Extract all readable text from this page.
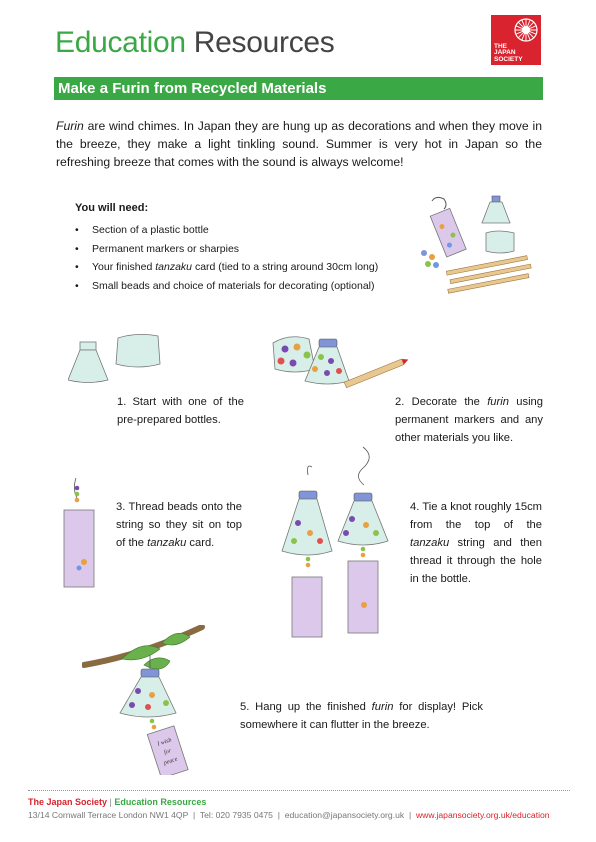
Education Resources	THE
JAPAN
SOCIETY
Make a Furin from Recycled Materials

Furin are wind chimes. In Japan they are hung up as decorations and when they move in the breeze, they make a light tinkling sound. Summer is very hot in Japan so the refreshing breeze that comes with the sound is always welcome!

You will need:
• Section of a plastic bottle
• Permanent markers or sharpies
• Your finished tanzaku card (tied to a string around 30cm long)
• Small beads and choice of materials for decorating (optional)
1. Start with one of the pre-prepared bottles.
2. Decorate the furin using permanent markers and any other materials you like.
3. Thread beads onto the string so they sit on top of the tanzaku card.
4. Tie a knot roughly 15cm from the top of the tanzaku string and then thread it through the hole in the bottle.
I wish
for
peace
5. Hang up the finished furin for display! Pick somewhere it can flutter in the breeze.
The Japan Society | Education Resources
13/14 Cornwall Terrace London NW1 4QP | Tel: 020 7935 0475 | education@japansociety.org.uk | www.japansociety.org.uk/education
